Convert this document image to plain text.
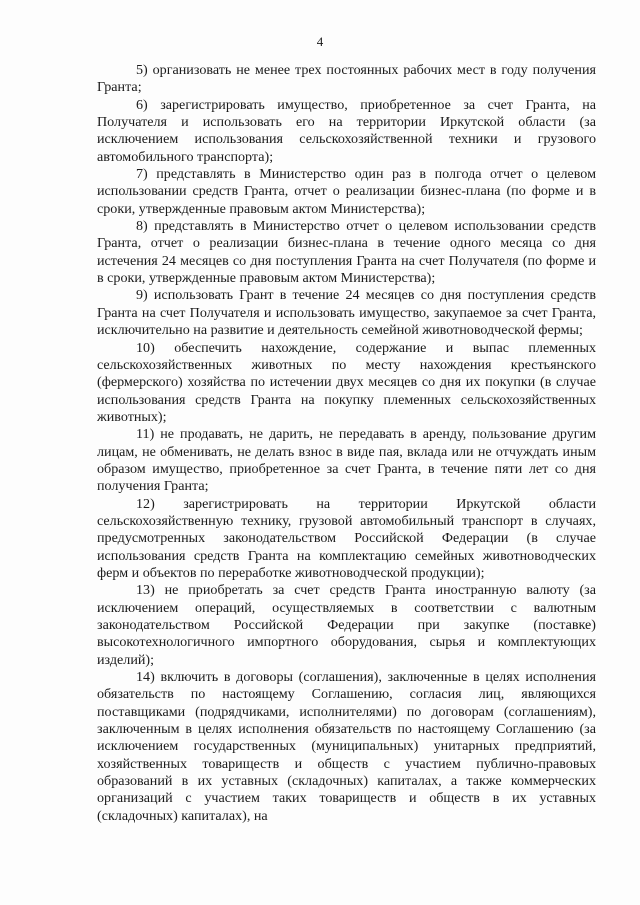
4

5) организовать не менее трех постоянных рабочих мест в году получения Гранта;

6) зарегистрировать имущество, приобретенное за счет Гранта, на Получателя и использовать его на территории Иркутской области (за исключением использования сельскохозяйственной техники и грузового автомобильного транспорта);

7) представлять в Министерство один раз в полгода отчет о целевом использовании средств Гранта, отчет о реализации бизнес-плана (по форме и в сроки, утвержденные правовым актом Министерства);

8) представлять в Министерство отчет о целевом использовании средств Гранта, отчет о реализации бизнес-плана в течение одного месяца со дня истечения 24 месяцев со дня поступления Гранта на счет Получателя (по форме и в сроки, утвержденные правовым актом Министерства);

9) использовать Грант в течение 24 месяцев со дня поступления средств Гранта на счет Получателя и использовать имущество, закупаемое за счет Гранта, исключительно на развитие и деятельность семейной животноводческой фермы;

10) обеспечить нахождение, содержание и выпас племенных сельскохозяйственных животных по месту нахождения крестьянского (фермерского) хозяйства по истечении двух месяцев со дня их покупки (в случае использования средств Гранта на покупку племенных сельскохозяйственных животных);

11) не продавать, не дарить, не передавать в аренду, пользование другим лицам, не обменивать, не делать взнос в виде пая, вклада или не отчуждать иным образом имущество, приобретенное за счет Гранта, в течение пяти лет со дня получения Гранта;

12) зарегистрировать на территории Иркутской области сельскохозяйственную технику, грузовой автомобильный транспорт в случаях, предусмотренных законодательством Российской Федерации (в случае использования средств Гранта на комплектацию семейных животноводческих ферм и объектов по переработке животноводческой продукции);

13) не приобретать за счет средств Гранта иностранную валюту (за исключением операций, осуществляемых в соответствии с валютным законодательством Российской Федерации при закупке (поставке) высокотехнологичного импортного оборудования, сырья и комплектующих изделий);

14) включить в договоры (соглашения), заключенные в целях исполнения обязательств по настоящему Соглашению, согласия лиц, являющихся поставщиками (подрядчиками, исполнителями) по договорам (соглашениям), заключенным в целях исполнения обязательств по настоящему Соглашению (за исключением государственных (муниципальных) унитарных предприятий, хозяйственных товариществ и обществ с участием публично-правовых образований в их уставных (складочных) капиталах, а также коммерческих организаций с участием таких товариществ и обществ в их уставных (складочных) капиталах), на
